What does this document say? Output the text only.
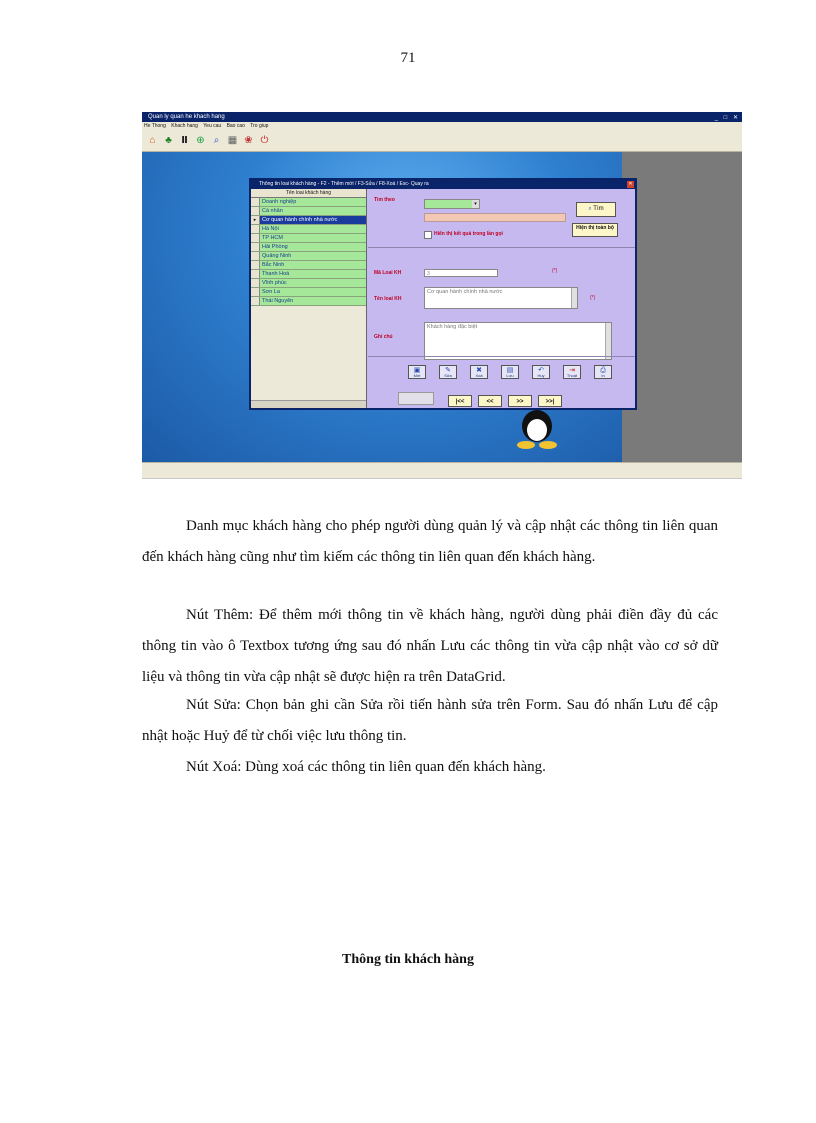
71
Quan ly quan he khach hang	_ □ ✕
He Thong Khach hang Yeu cau Bao cao Tro giup
⌂ ♣ Ⅱ ⊕ ⌕ ▦ ❀ ⏻
Thông tin loai khách hàng - F2 - Thêm mới / F3-Sửa / F8-Xoá / Esc- Quay ra	✕
Tên loai khách hàng
Doanh nghiệp
Cá nhân
▸	Cơ quan hành chính nhà nước
Hà Nội
TP HCM
Hải Phòng
Quảng Ninh
Bắc Ninh
Thanh Hoá
Vĩnh phúc
Sơn La
Thái Nguyên
Tìm theo
▾
Hiển thị kết quả trong lần gọi
⌕ Tìm
Hiện thị toàn bộ
Mã Loai KH	3	(*)
Tên loai KH
Cơ quan hành chính nhà nước
(*)
Ghi chú
Khách hàng đặc biệt
▣
Mới
✎
Sửa
✖
Xoá
▤
Lưu
↶
Huỷ
⇥
Thoát
⎙
In
|<<	<<	>>	>>|

Danh mục khách hàng cho phép người dùng quản lý và cập nhật các thông tin liên quan đến khách hàng cũng như tìm kiếm các thông tin liên quan đến khách hàng.

Nút Thêm: Để thêm mới thông tin về khách hàng, người dùng phải điền đầy đủ các thông tin vào ô Textbox tương ứng sau đó nhấn Lưu các thông tin vừa cập nhật vào cơ sở dữ liệu và thông tin vừa cập nhật sẽ được hiện ra trên DataGrid.

Nút Sửa: Chọn bản ghi cần Sửa rồi tiến hành sửa trên Form. Sau đó nhấn Lưu để cập nhật hoặc Huỷ để từ chối việc lưu thông tin.

Nút Xoá: Dùng xoá các thông tin liên quan đến khách hàng.

Thông tin khách hàng
